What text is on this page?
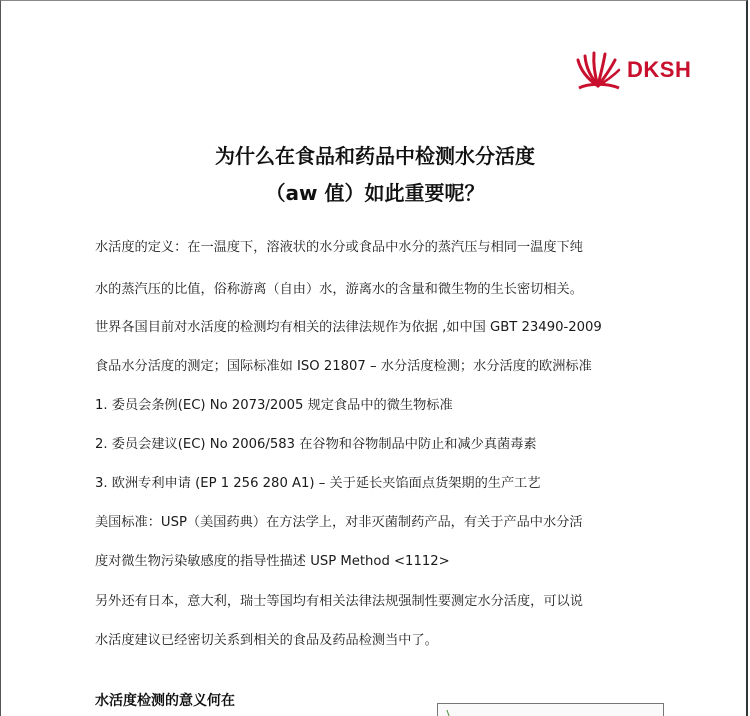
DKSH
为什么在食品和药品中检测水分活度
（aw 值）如此重要呢？

水活度的定义：在一温度下，溶液状的水分或食品中水分的蒸汽压与相同一温度下纯

水的蒸汽压的比值，俗称游离（自由）水，游离水的含量和微生物的生长密切相关。

世界各国目前对水活度的检测均有相关的法律法规作为依据 ,如中国 GBT 23490-2009

食品水分活度的测定；国际标准如 ISO 21807 – 水分活度检测；水分活度的欧洲标准

1. 委员会条例(EC) No 2073/2005 规定食品中的微生物标准

2. 委员会建议(EC) No 2006/583 在谷物和谷物制品中防止和减少真菌毒素

3. 欧洲专利申请 (EP 1 256 280 A1) – 关于延长夹馅面点货架期的生产工艺

美国标准：USP（美国药典）在方法学上，对非灭菌制药产品，有关于产品中水分活

度对微生物污染敏感度的指导性描述 USP Method <1112>

另外还有日本，意大利，瑞士等国均有相关法律法规强制性要测定水分活度，可以说

水活度建议已经密切关系到相关的食品及药品检测当中了。

水活度检测的意义何在
